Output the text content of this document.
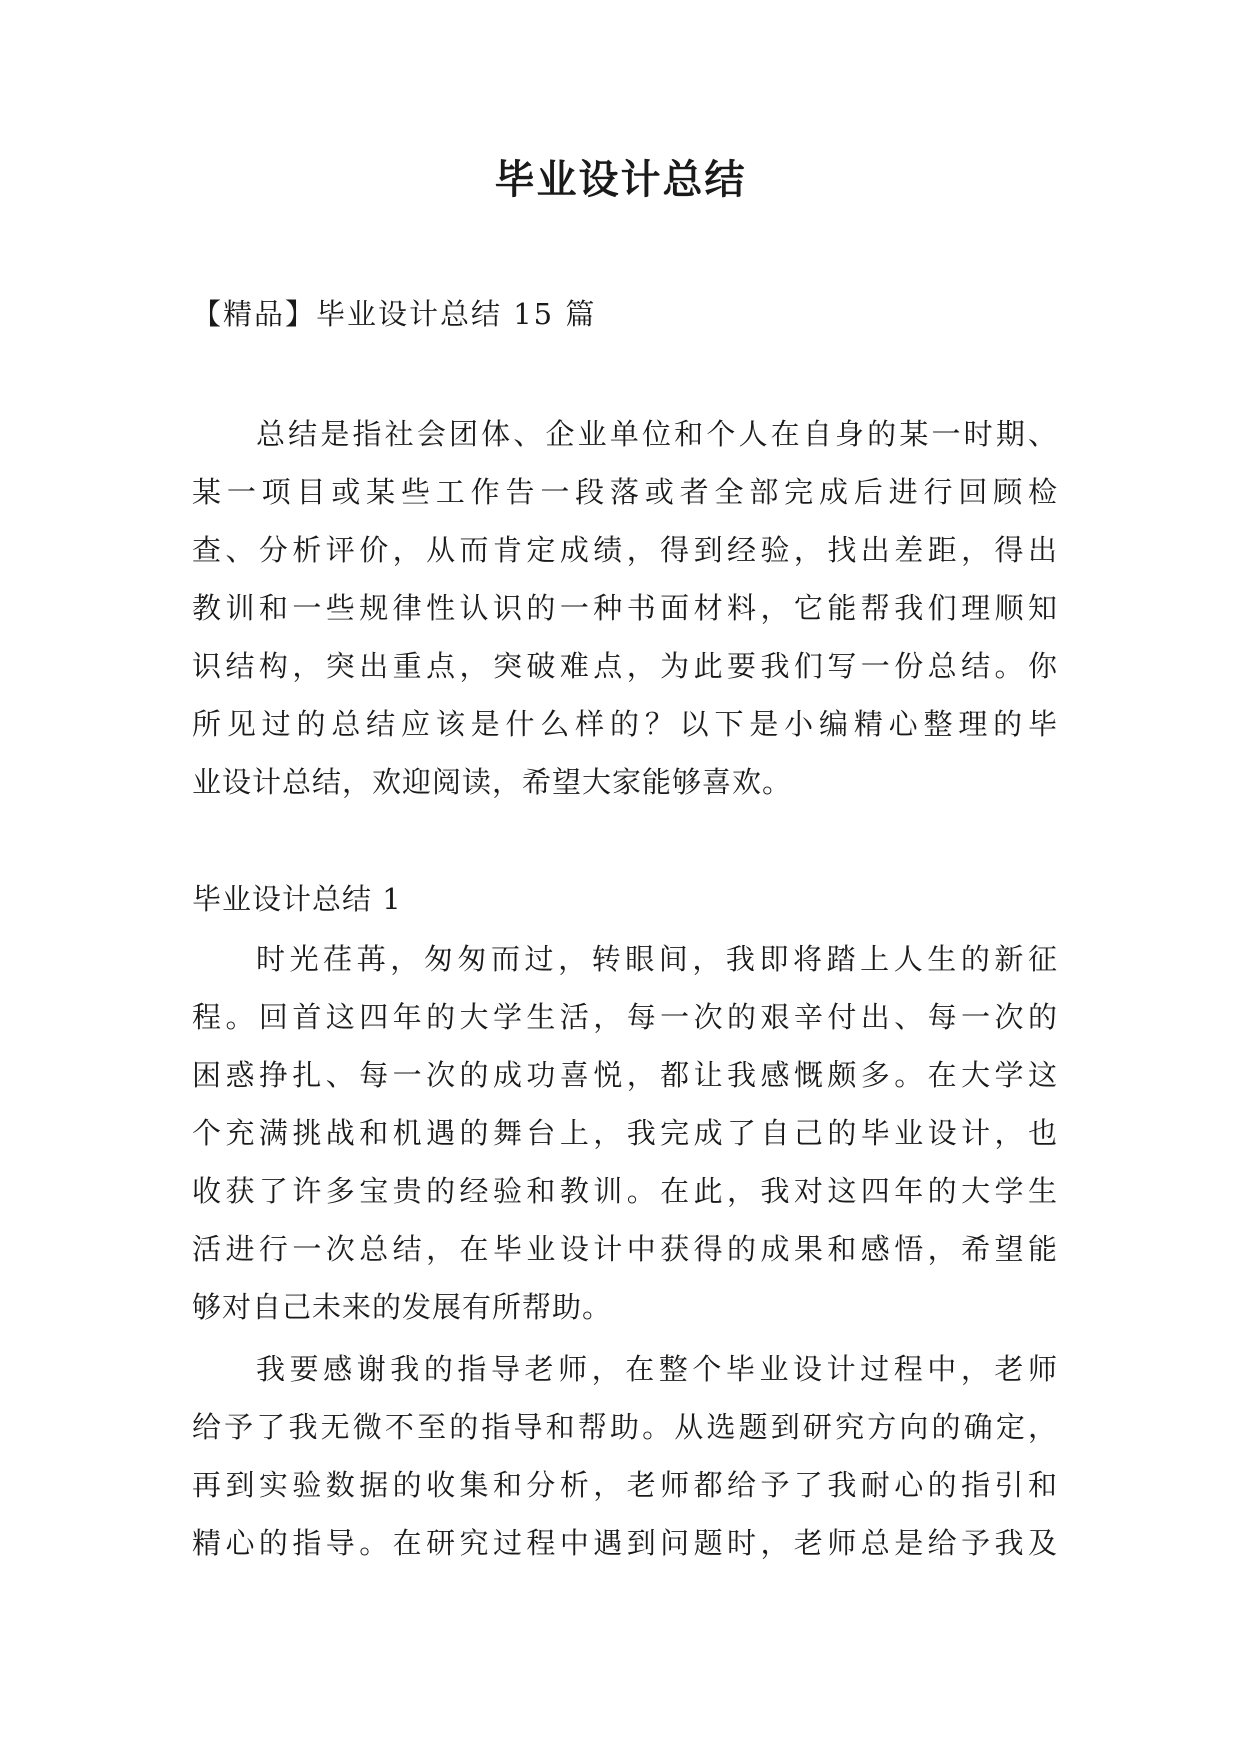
毕业设计总结
【精品】毕业设计总结 15 篇
总结是指社会团体、企业单位和个人在自身的某一时期、
某一项目或某些工作告一段落或者全部完成后进行回顾检
查、分析评价，从而肯定成绩，得到经验，找出差距，得出
教训和一些规律性认识的一种书面材料，它能帮我们理顺知
识结构，突出重点，突破难点，为此要我们写一份总结。你
所见过的总结应该是什么样的？以下是小编精心整理的毕
业设计总结，欢迎阅读，希望大家能够喜欢。
毕业设计总结 1
时光荏苒，匆匆而过，转眼间，我即将踏上人生的新征
程。回首这四年的大学生活，每一次的艰辛付出、每一次的
困惑挣扎、每一次的成功喜悦，都让我感慨颇多。在大学这
个充满挑战和机遇的舞台上，我完成了自己的毕业设计，也
收获了许多宝贵的经验和教训。在此，我对这四年的大学生
活进行一次总结，在毕业设计中获得的成果和感悟，希望能
够对自己未来的发展有所帮助。
我要感谢我的指导老师，在整个毕业设计过程中，老师
给予了我无微不至的指导和帮助。从选题到研究方向的确定，
再到实验数据的收集和分析，老师都给予了我耐心的指引和
精心的指导。在研究过程中遇到问题时，老师总是给予我及
